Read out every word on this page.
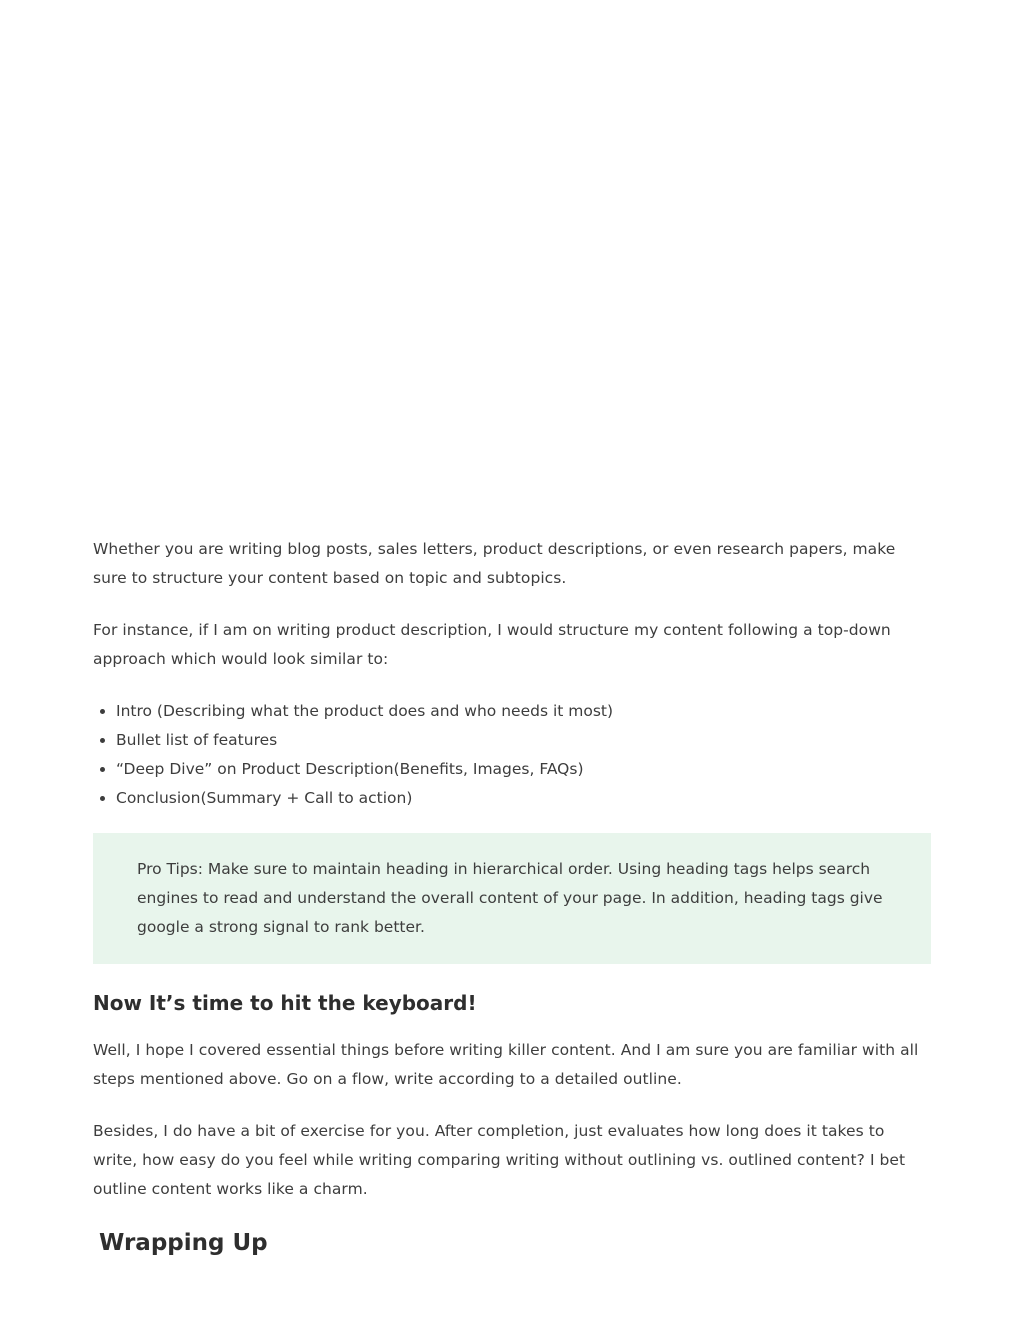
Whether you are writing blog posts, sales letters, product descriptions, or even research papers, make sure to structure your content based on topic and subtopics.

For instance, if I am on writing product description, I would structure my content following a top-down approach which would look similar to:

• Intro (Describing what the product does and who needs it most)
• Bullet list of features
• “Deep Dive” on Product Description(Benefits, Images, FAQs)
• Conclusion(Summary + Call to action)

Pro Tips: Make sure to maintain heading in hierarchical order. Using heading tags helps search engines to read and understand the overall content of your page. In addition, heading tags give google a strong signal to rank better.

Now It’s time to hit the keyboard!

Well, I hope I covered essential things before writing killer content. And I am sure you are familiar with all steps mentioned above. Go on a flow, write according to a detailed outline.

Besides, I do have a bit of exercise for you. After completion, just evaluates how long does it takes to write, how easy do you feel while writing comparing writing without outlining vs. outlined content? I bet outline content works like a charm.

Wrapping Up
